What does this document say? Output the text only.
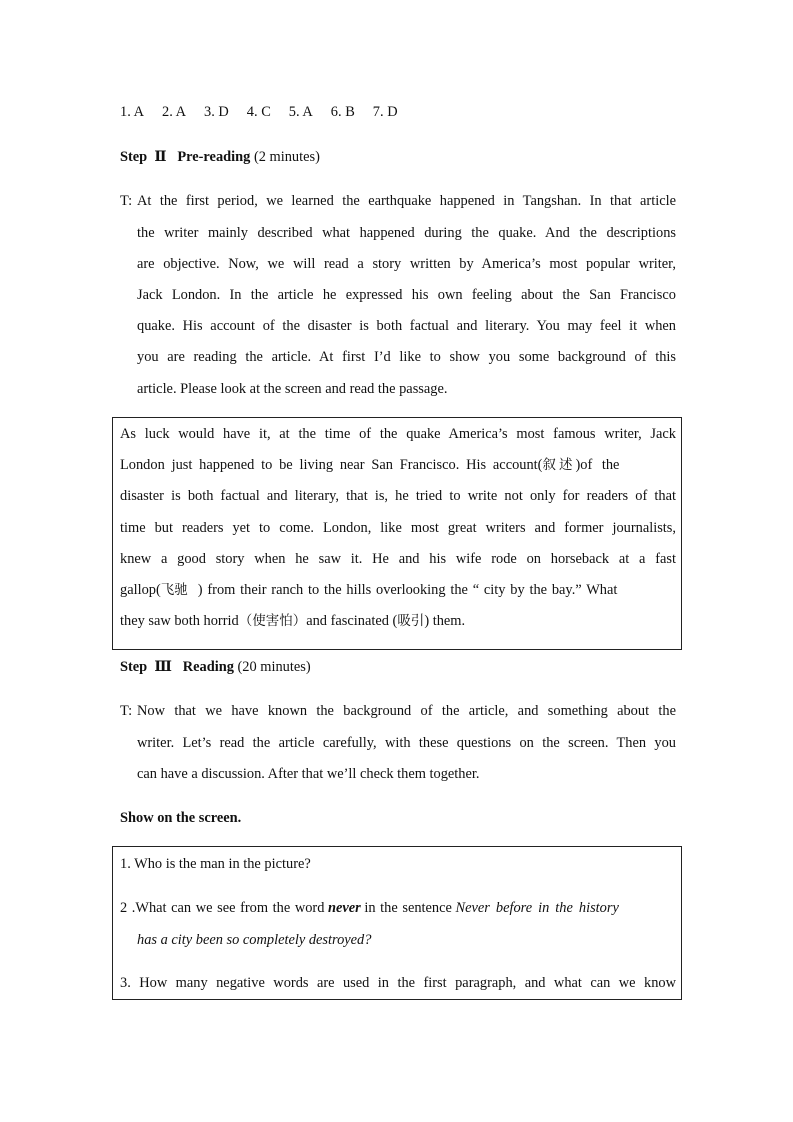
1. A 2. A 3. D 4. C 5. A 6. B 7. D
Step Ⅱ Pre-reading (2 minutes)
T: At the first period, we learned the earthquake happened in Tangshan. In that article
the writer mainly described what happened during the quake. And the descriptions
are objective. Now, we will read a story written by America’s most popular writer,
Jack London. In the article he expressed his own feeling about the San Francisco
quake. His account of the disaster is both factual and literary. You may feel it when
you are reading the article. At first I’d like to show you some background of this
article. Please look at the screen and read the passage.
As luck would have it, at the time of the quake America’s most famous writer, Jack
London just happened to be living near San Francisco. His account(叙述)of the
disaster is both factual and literary, that is, he tried to write not only for readers of that
time but readers yet to come. London, like most great writers and former journalists,
knew a good story when he saw it. He and his wife rode on horseback at a fast
gallop(飞驰 ) from their ranch to the hills overlooking the “ city by the bay.” What
they saw both horrid（使害怕）and fascinated (吸引) them.
Step Ⅲ Reading (20 minutes)
T: Now that we have known the background of the article, and something about the
writer. Let’s read the article carefully, with these questions on the screen. Then you
can have a discussion. After that we’ll check them together.
Show on the screen.
1. Who is the man in the picture?
2 .What can we see from the word never in the sentence Never before in the history
has a city been so completely destroyed?
3. How many negative words are used in the first paragraph, and what can we know
